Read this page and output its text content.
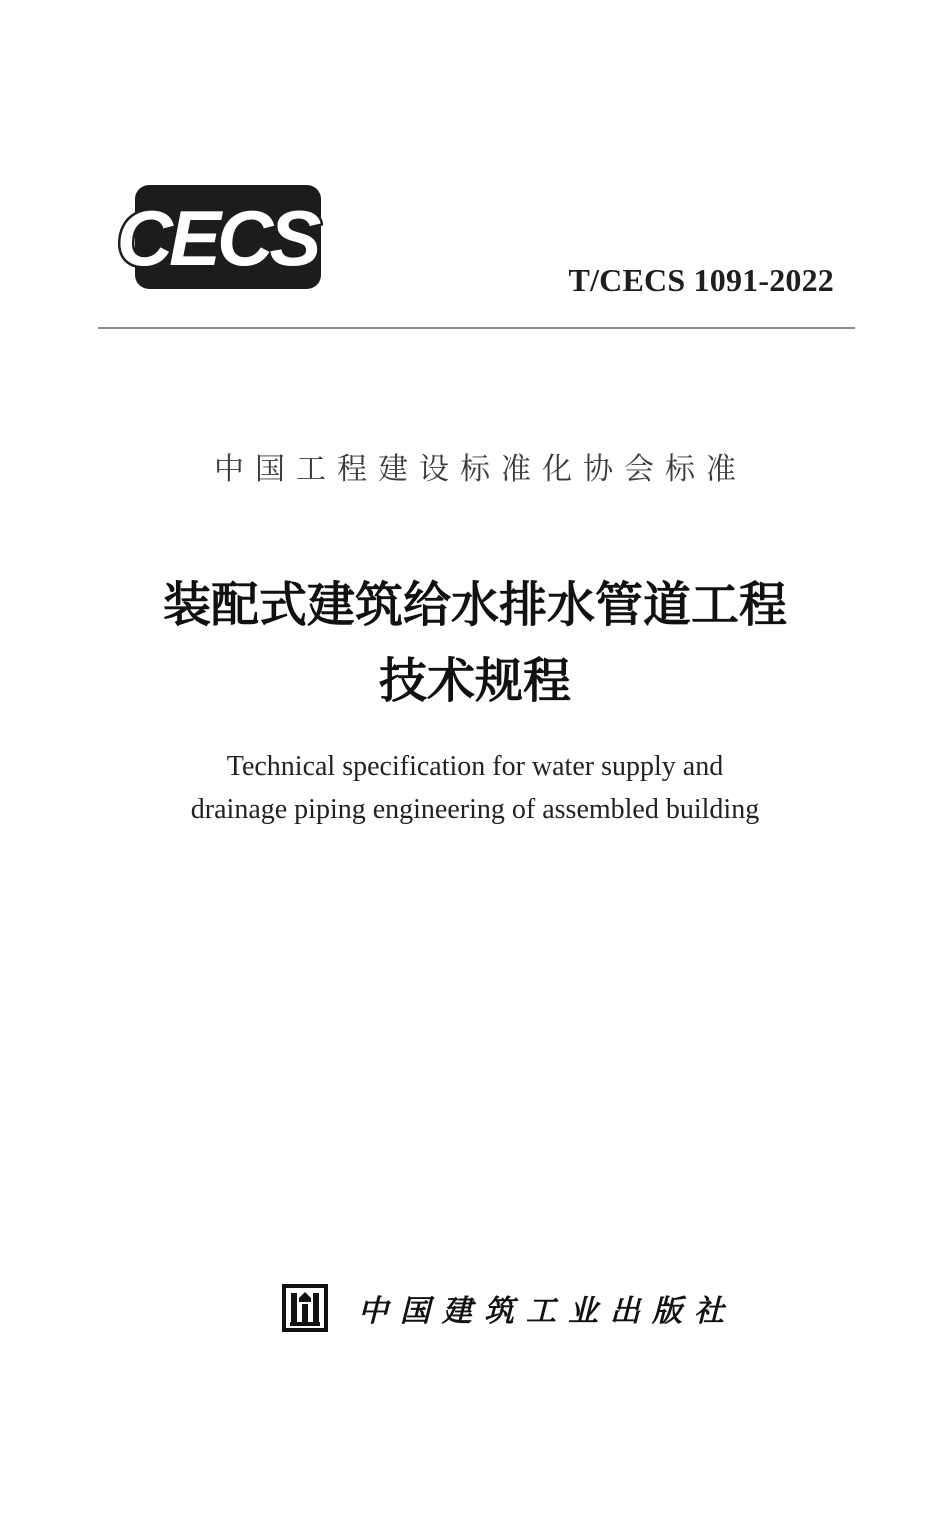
CECS	T/CECS 1091-2022
中国工程建设标准化协会标准
装配式建筑给水排水管道工程
技术规程
Technical specification for water supply and
drainage piping engineering of assembled building
中国建筑工业出版社
